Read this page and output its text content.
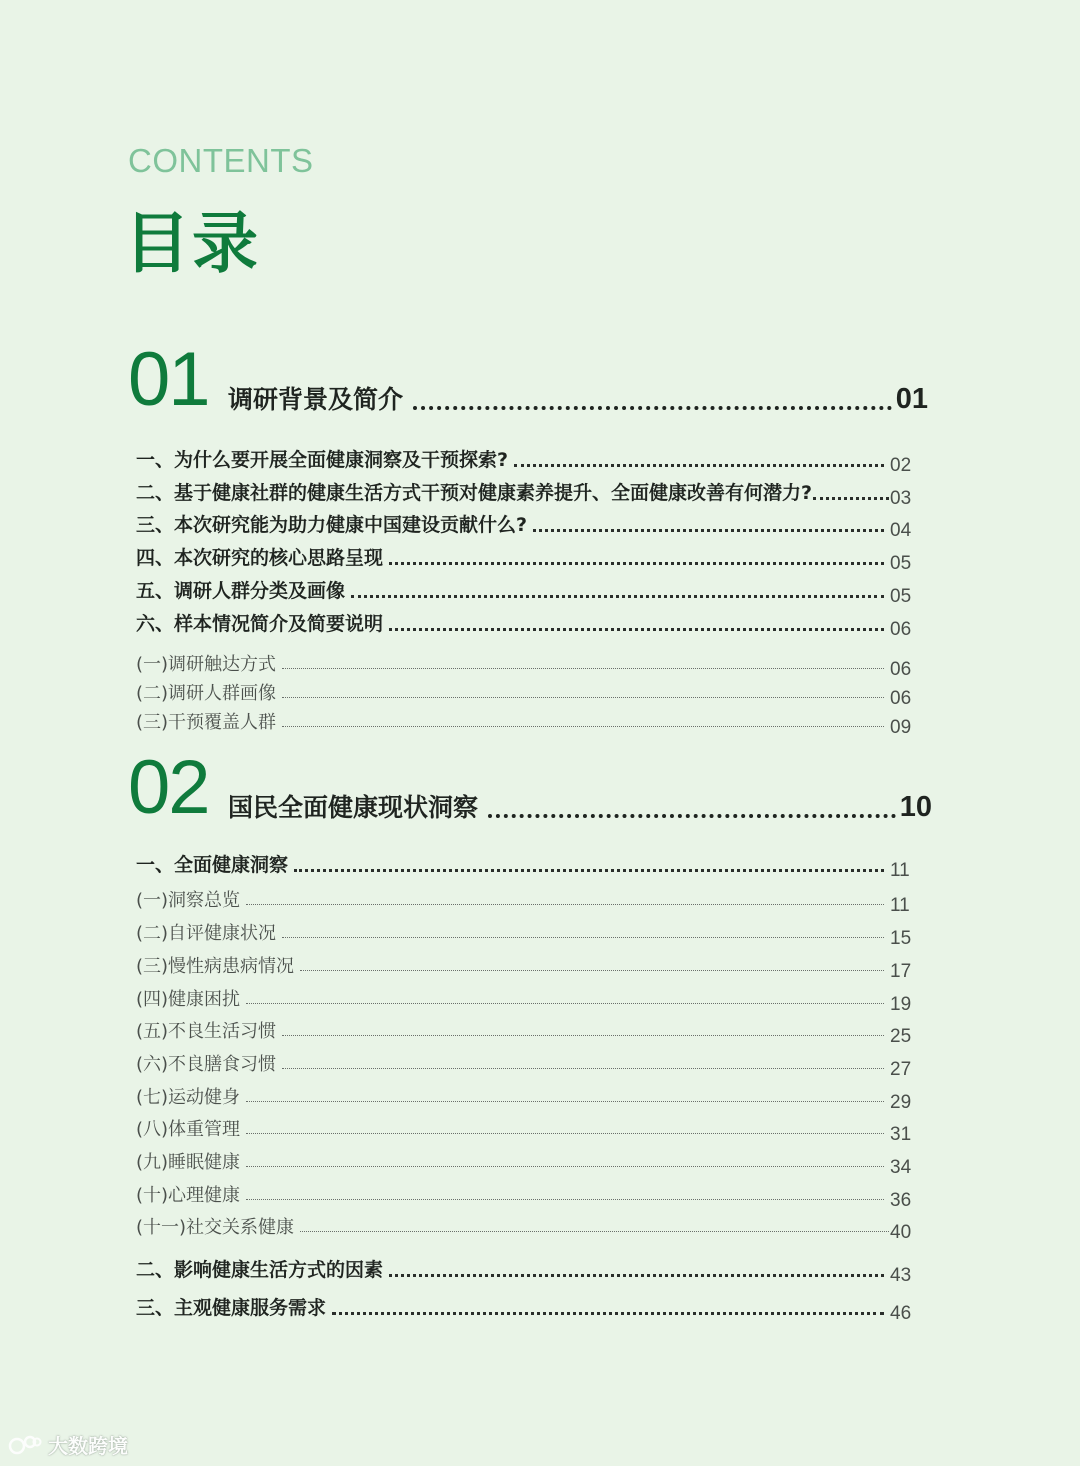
CONTENTS
目录
01 调研背景及简介	01
一、为什么要开展全面健康洞察及干预探索?	02
二、基于健康社群的健康生活方式干预对健康素养提升、全面健康改善有何潜力?	03
三、本次研究能为助力健康中国建设贡献什么?	04
四、本次研究的核心思路呈现	05
五、调研人群分类及画像	05
六、样本情况简介及简要说明	06
(一)调研触达方式	06
(二)调研人群画像	06
(三)干预覆盖人群	09
02 国民全面健康现状洞察	10
一、全面健康洞察	11
(一)洞察总览	11
(二)自评健康状况	15
(三)慢性病患病情况	17
(四)健康困扰	19
(五)不良生活习惯	25
(六)不良膳食习惯	27
(七)运动健身	29
(八)体重管理	31
(九)睡眠健康	34
(十)心理健康	36
(十一)社交关系健康	40
二、影响健康生活方式的因素	43
三、主观健康服务需求	46
大数跨境
